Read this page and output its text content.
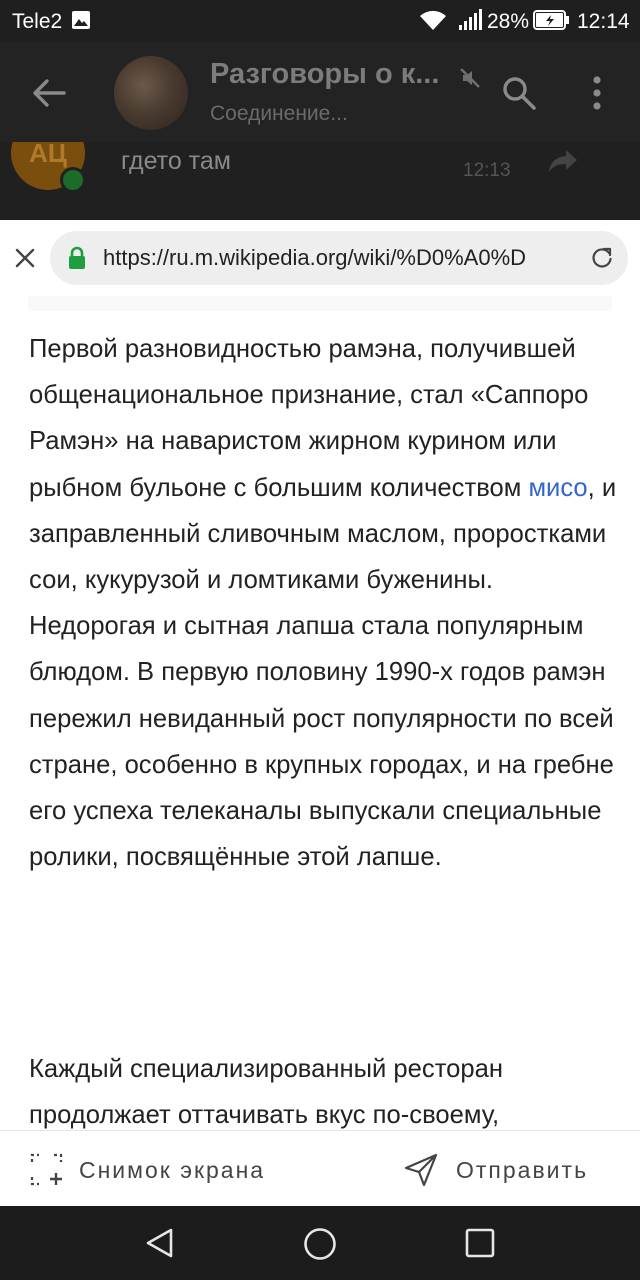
Tele2	28% 12:14
Разговоры о к...
Соединение...
АЦ	гдето там	12:13
https://ru.m.wikipedia.org/wiki/%D0%A0%D

Первой разновидностью рамэна, получившей общенациональное признание, стал «Саппоро Рамэн» на наваристом жирном курином или рыбном бульоне с большим количеством мисо, и заправленный сливочным маслом, проростками сои, кукурузой и ломтиками буженины. Недорогая и сытная лапша стала популярным блюдом. В первую половину 1990-х годов рамэн пережил невиданный рост популярности по всей стране, особенно в крупных городах, и на гребне его успеха телеканалы выпускали специальные ролики, посвящённые этой лапше.

Каждый специализированный ресторан продолжает оттачивать вкус по-своему,

Снимок экрана	Отправить
